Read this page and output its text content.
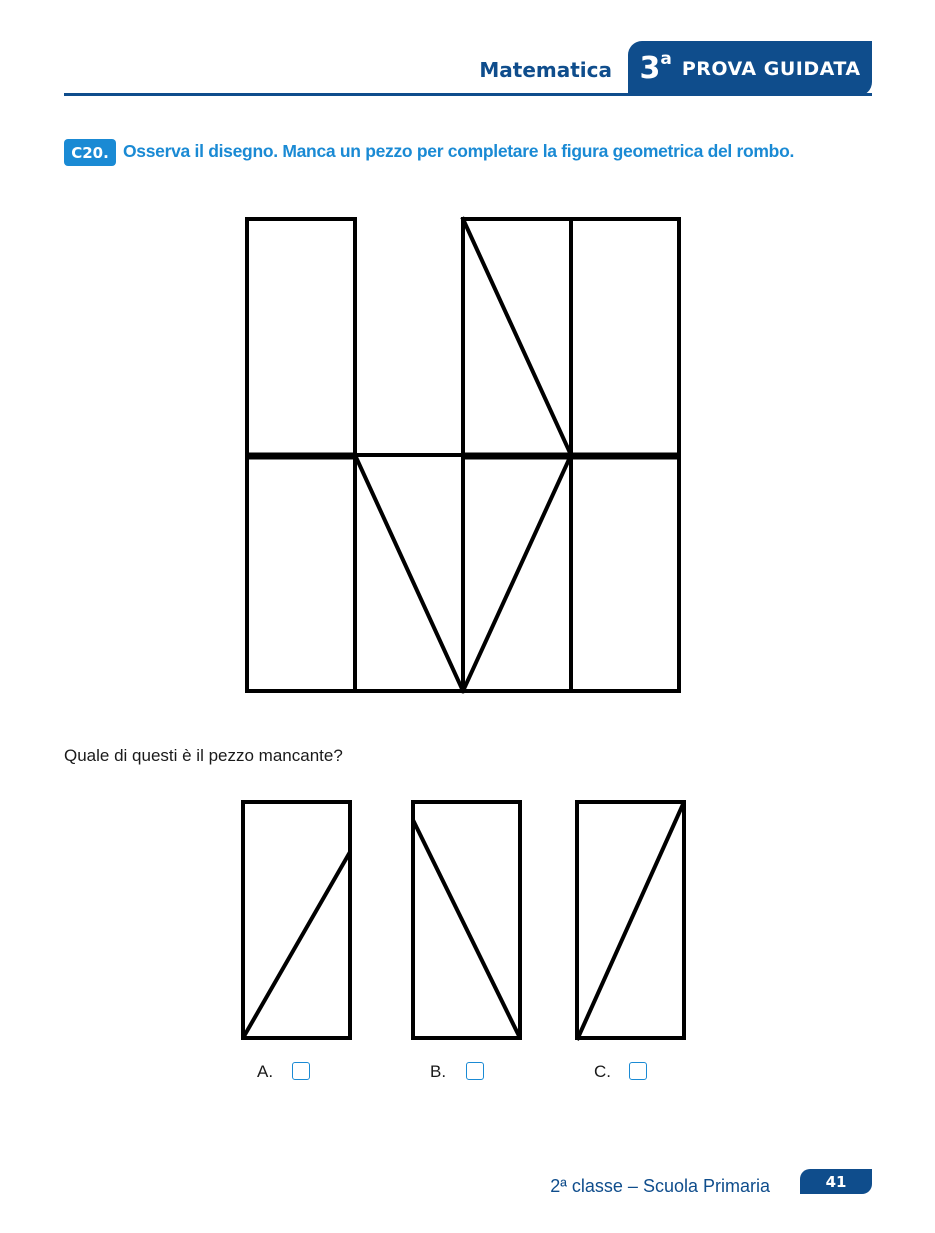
Matematica 3 a PROVA GUIDATA
C20. Osserva il disegno. Manca un pezzo per completare la figura geometrica del rombo.
Quale di questi è il pezzo mancante?
A.	B.	C.
2ª classe – Scuola Primaria	41
